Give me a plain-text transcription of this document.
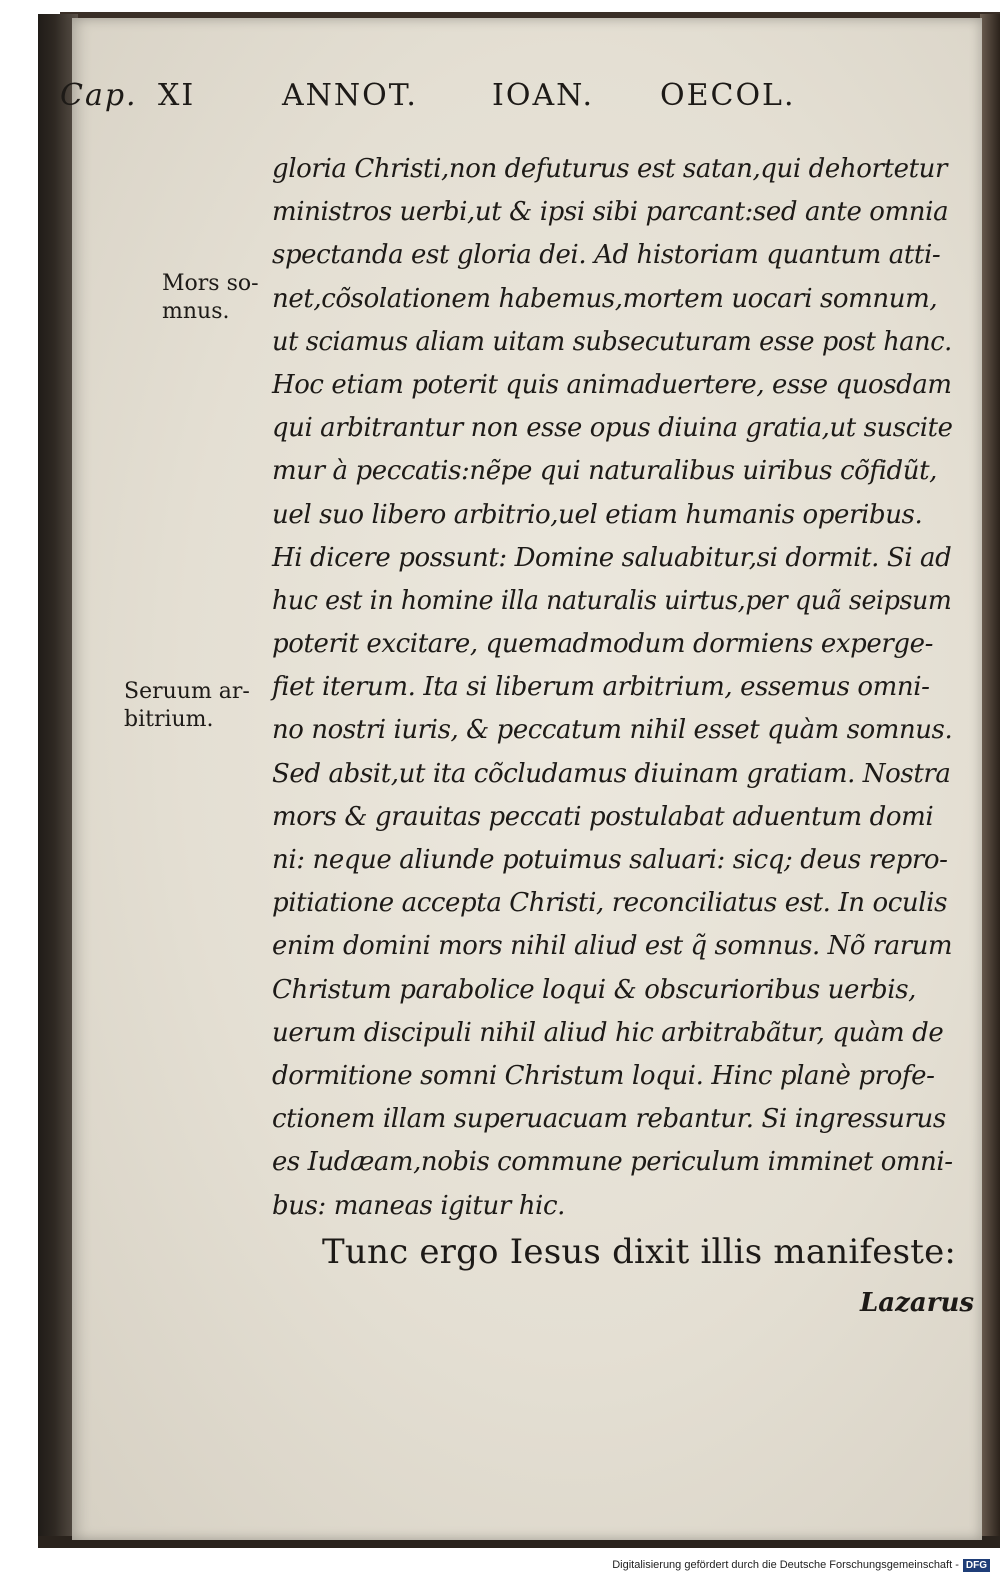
Cap. XI	ANNOT. IOAN. OECOL.
Mors so-
mnus.
Seruum ar-
bitrium.
gloria Christi,non defuturus est satan,qui dehortetur
ministros uerbi,ut & ipsi sibi parcant:sed ante omnia
spectanda est gloria dei. Ad historiam quantum atti-
net,cõsolationem habemus,mortem uocari somnum,
ut sciamus aliam uitam subsecuturam esse post hanc.
Hoc etiam poterit quis animaduertere, esse quosdam
qui arbitrantur non esse opus diuina gratia,ut suscite
mur à peccatis:nẽpe qui naturalibus uiribus cõfidũt,
uel suo libero arbitrio,uel etiam humanis operibus.
Hi dicere possunt: Domine saluabitur,si dormit. Si ad
huc est in homine illa naturalis uirtus,per quã seipsum
poterit excitare, quemadmodum dormiens experge-
fiet iterum. Ita si liberum arbitrium, essemus omni-
no nostri iuris, & peccatum nihil esset quàm somnus.
Sed absit,ut ita cõcludamus diuinam gratiam. Nostra
mors & grauitas peccati postulabat aduentum domi
ni: neque aliunde potuimus saluari: sicq; deus repro-
pitiatione accepta Christi, reconciliatus est. In oculis
enim domini mors nihil aliud est q̃ somnus. Nõ rarum
Christum parabolice loqui & obscurioribus uerbis,
uerum discipuli nihil aliud hic arbitrabãtur, quàm de
dormitione somni Christum loqui. Hinc planè profe-
ctionem illam superuacuam rebantur. Si ingressurus
es Iudæam,nobis commune periculum imminet omni-
bus: maneas igitur hic.
Tunc ergo Iesus dixit illis manifeste:
Lazarus
Digitalisierung gefördert durch die Deutsche Forschungsgemeinschaft - DFG
